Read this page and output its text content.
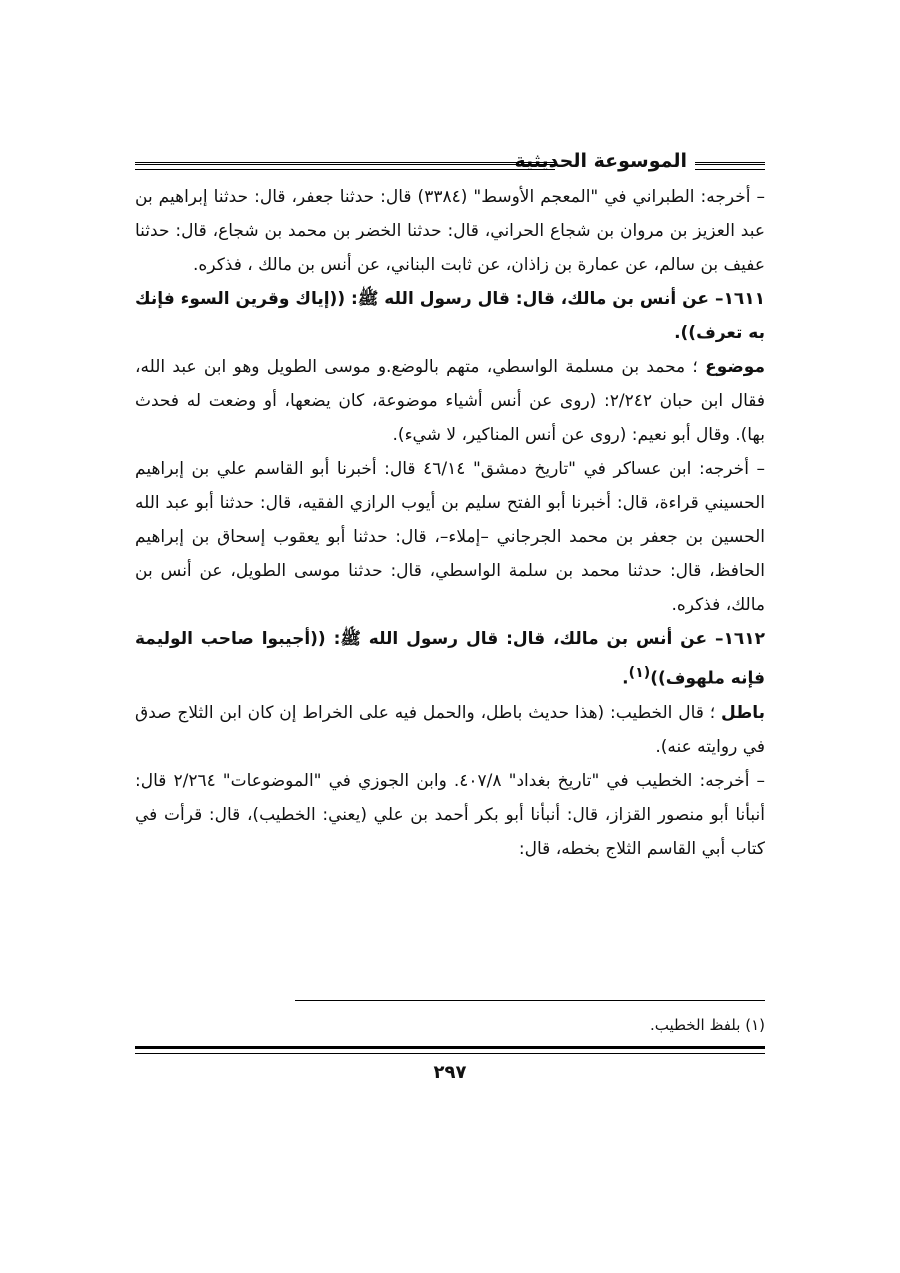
الموسوعة الحديثية

– أخرجه: الطبراني في "المعجم الأوسط" (٣٣٨٤) قال: حدثنا جعفر، قال: حدثنا إبراهيم بن عبد العزيز بن مروان بن شجاع الحراني، قال: حدثنا الخضر بن محمد بن شجاع، قال: حدثنا عفيف بن سالم، عن عمارة بن زاذان، عن ثابت البناني، عن أنس بن مالك ، فذكره.

١٦١١– عن أنس بن مالك، قال: قال رسول الله ﷺ: ((إياك وقرين السوء فإنك به تعرف)).

موضوع ؛ محمد بن مسلمة الواسطي، متهم بالوضع.و موسى الطويل وهو ابن عبد الله، فقال ابن حبان ٢/٢٤٢: (روى عن أنس أشياء موضوعة، كان يضعها، أو وضعت له فحدث بها). وقال أبو نعيم: (روى عن أنس المناكير، لا شيء).

– أخرجه: ابن عساكر في "تاريخ دمشق" ٤٦/١٤ قال: أخبرنا أبو القاسم علي بن إبراهيم الحسيني قراءة، قال: أخبرنا أبو الفتح سليم بن أيوب الرازي الفقيه، قال: حدثنا أبو عبد الله الحسين بن جعفر بن محمد الجرجاني –إملاء–، قال: حدثنا أبو يعقوب إسحاق بن إبراهيم الحافظ، قال: حدثنا محمد بن سلمة الواسطي، قال: حدثنا موسى الطويل، عن أنس بن مالك، فذكره.

١٦١٢– عن أنس بن مالك، قال: قال رسول الله ﷺ: ((أجيبوا صاحب الوليمة فإنه ملهوف))$^{(١)}$.

باطل ؛ قال الخطيب: (هذا حديث باطل، والحمل فيه على الخراط إن كان ابن الثلاج صدق في روايته عنه).

– أخرجه: الخطيب في "تاريخ بغداد" ٤٠٧/٨. وابن الجوزي في "الموضوعات" ٢/٢٦٤ قال: أنبأنا أبو منصور القزاز، قال: أنبأنا أبو بكر أحمد بن علي (يعني: الخطيب)، قال: قرأت في كتاب أبي القاسم الثلاج بخطه، قال:

(١) بلفظ الخطيب.
٢٩٧
